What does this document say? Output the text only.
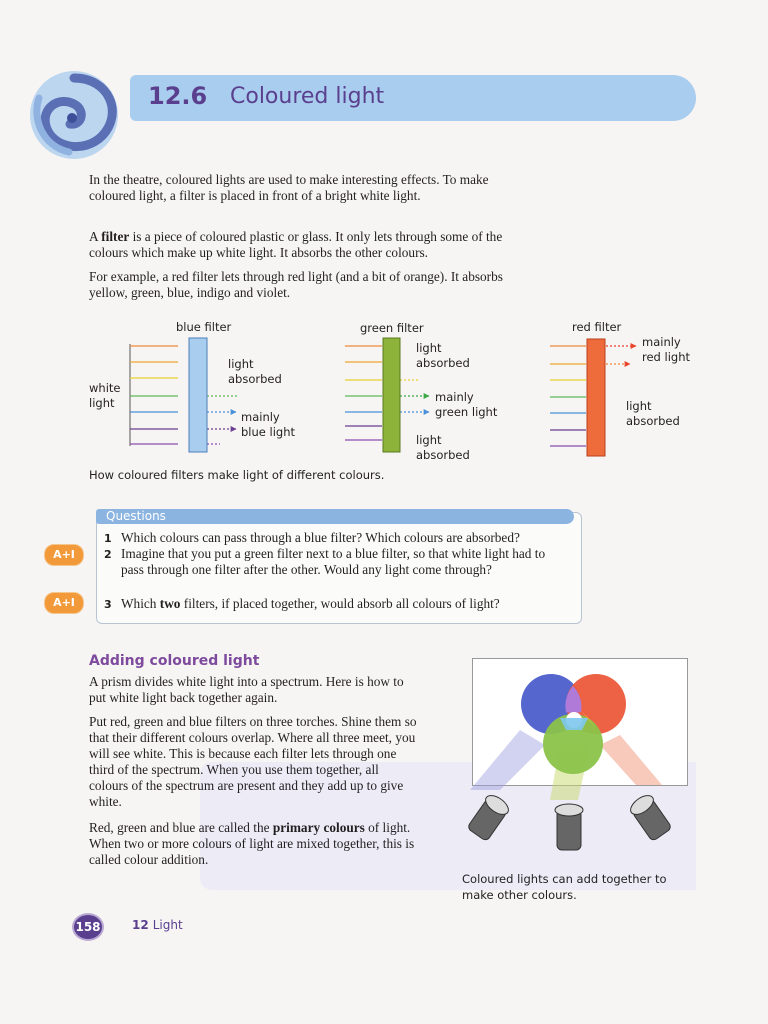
12.6 Coloured light

In the theatre, coloured lights are used to make interesting effects. To make coloured light, a filter is placed in front of a bright white light.

A filter is a piece of coloured plastic or glass. It only lets through some of the colours which make up white light. It absorbs the other colours.

For example, a red filter lets through red light (and a bit of orange). It absorbs yellow, green, blue, indigo and violet.

blue filter	green filter	red filter
white
light
light
absorbed
mainly
blue light
light
absorbed
mainly
green light
light
absorbed
mainly
red light
light
absorbed
How coloured filters make light of different colours.
Questions
A+I
A+I
1 Which colours can pass through a blue filter? Which colours are absorbed?
2 Imagine that you put a green filter next to a blue filter, so that white light had to pass through one filter after the other. Would any light come through?
3 Which two filters, if placed together, would absorb all colours of light?
Adding coloured light

A prism divides white light into a spectrum. Here is how to put white light back together again.

Put red, green and blue filters on three torches. Shine them so that their different colours overlap. Where all three meet, you will see white. This is because each filter lets through one third of the spectrum. When you use them together, all colours of the spectrum are present and they add up to give white.

Red, green and blue are called the primary colours of light. When two or more colours of light are mixed together, this is called colour addition.

Coloured lights can add together to make other colours.
158	12 Light
